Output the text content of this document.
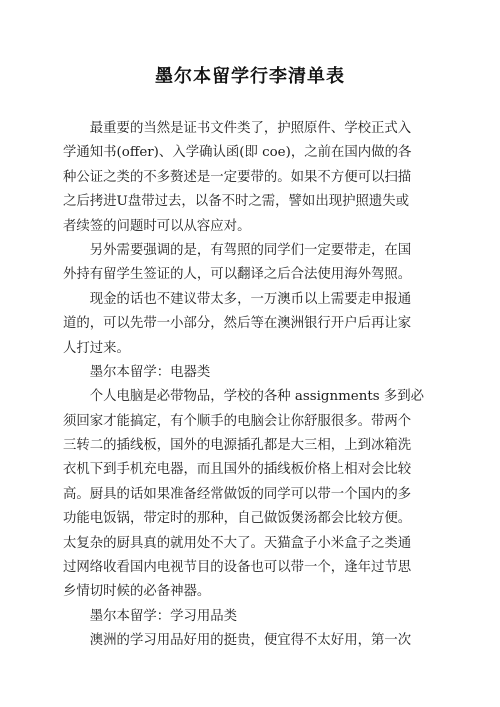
墨尔本留学行李清单表
　　最重要的当然是证书文件类了，护照原件、学校正式入
学通知书(offer)、入学确认函(即 coe)，之前在国内做的各
种公证之类的不多赘述是一定要带的。如果不方便可以扫描
之后拷进U盘带过去，以备不时之需，譬如出现护照遗失或
者续签的问题时可以从容应对。
　　另外需要强调的是，有驾照的同学们一定要带走，在国
外持有留学生签证的人，可以翻译之后合法使用海外驾照。
　　现金的话也不建议带太多，一万澳币以上需要走申报通
道的，可以先带一小部分，然后等在澳洲银行开户后再让家
人打过来。
　　墨尔本留学：电器类
　　个人电脑是必带物品，学校的各种 assignments 多到必
须回家才能搞定，有个顺手的电脑会让你舒服很多。带两个
三转二的插线板，国外的电源插孔都是大三相，上到冰箱洗
衣机下到手机充电器，而且国外的插线板价格上相对会比较
高。厨具的话如果准备经常做饭的同学可以带一个国内的多
功能电饭锅，带定时的那种，自己做饭煲汤都会比较方便。
太复杂的厨具真的就用处不大了。天猫盒子小米盒子之类通
过网络收看国内电视节目的设备也可以带一个，逢年过节思
乡情切时候的必备神器。
　　墨尔本留学：学习用品类
　　澳洲的学习用品好用的挺贵，便宜得不太好用，第一次
